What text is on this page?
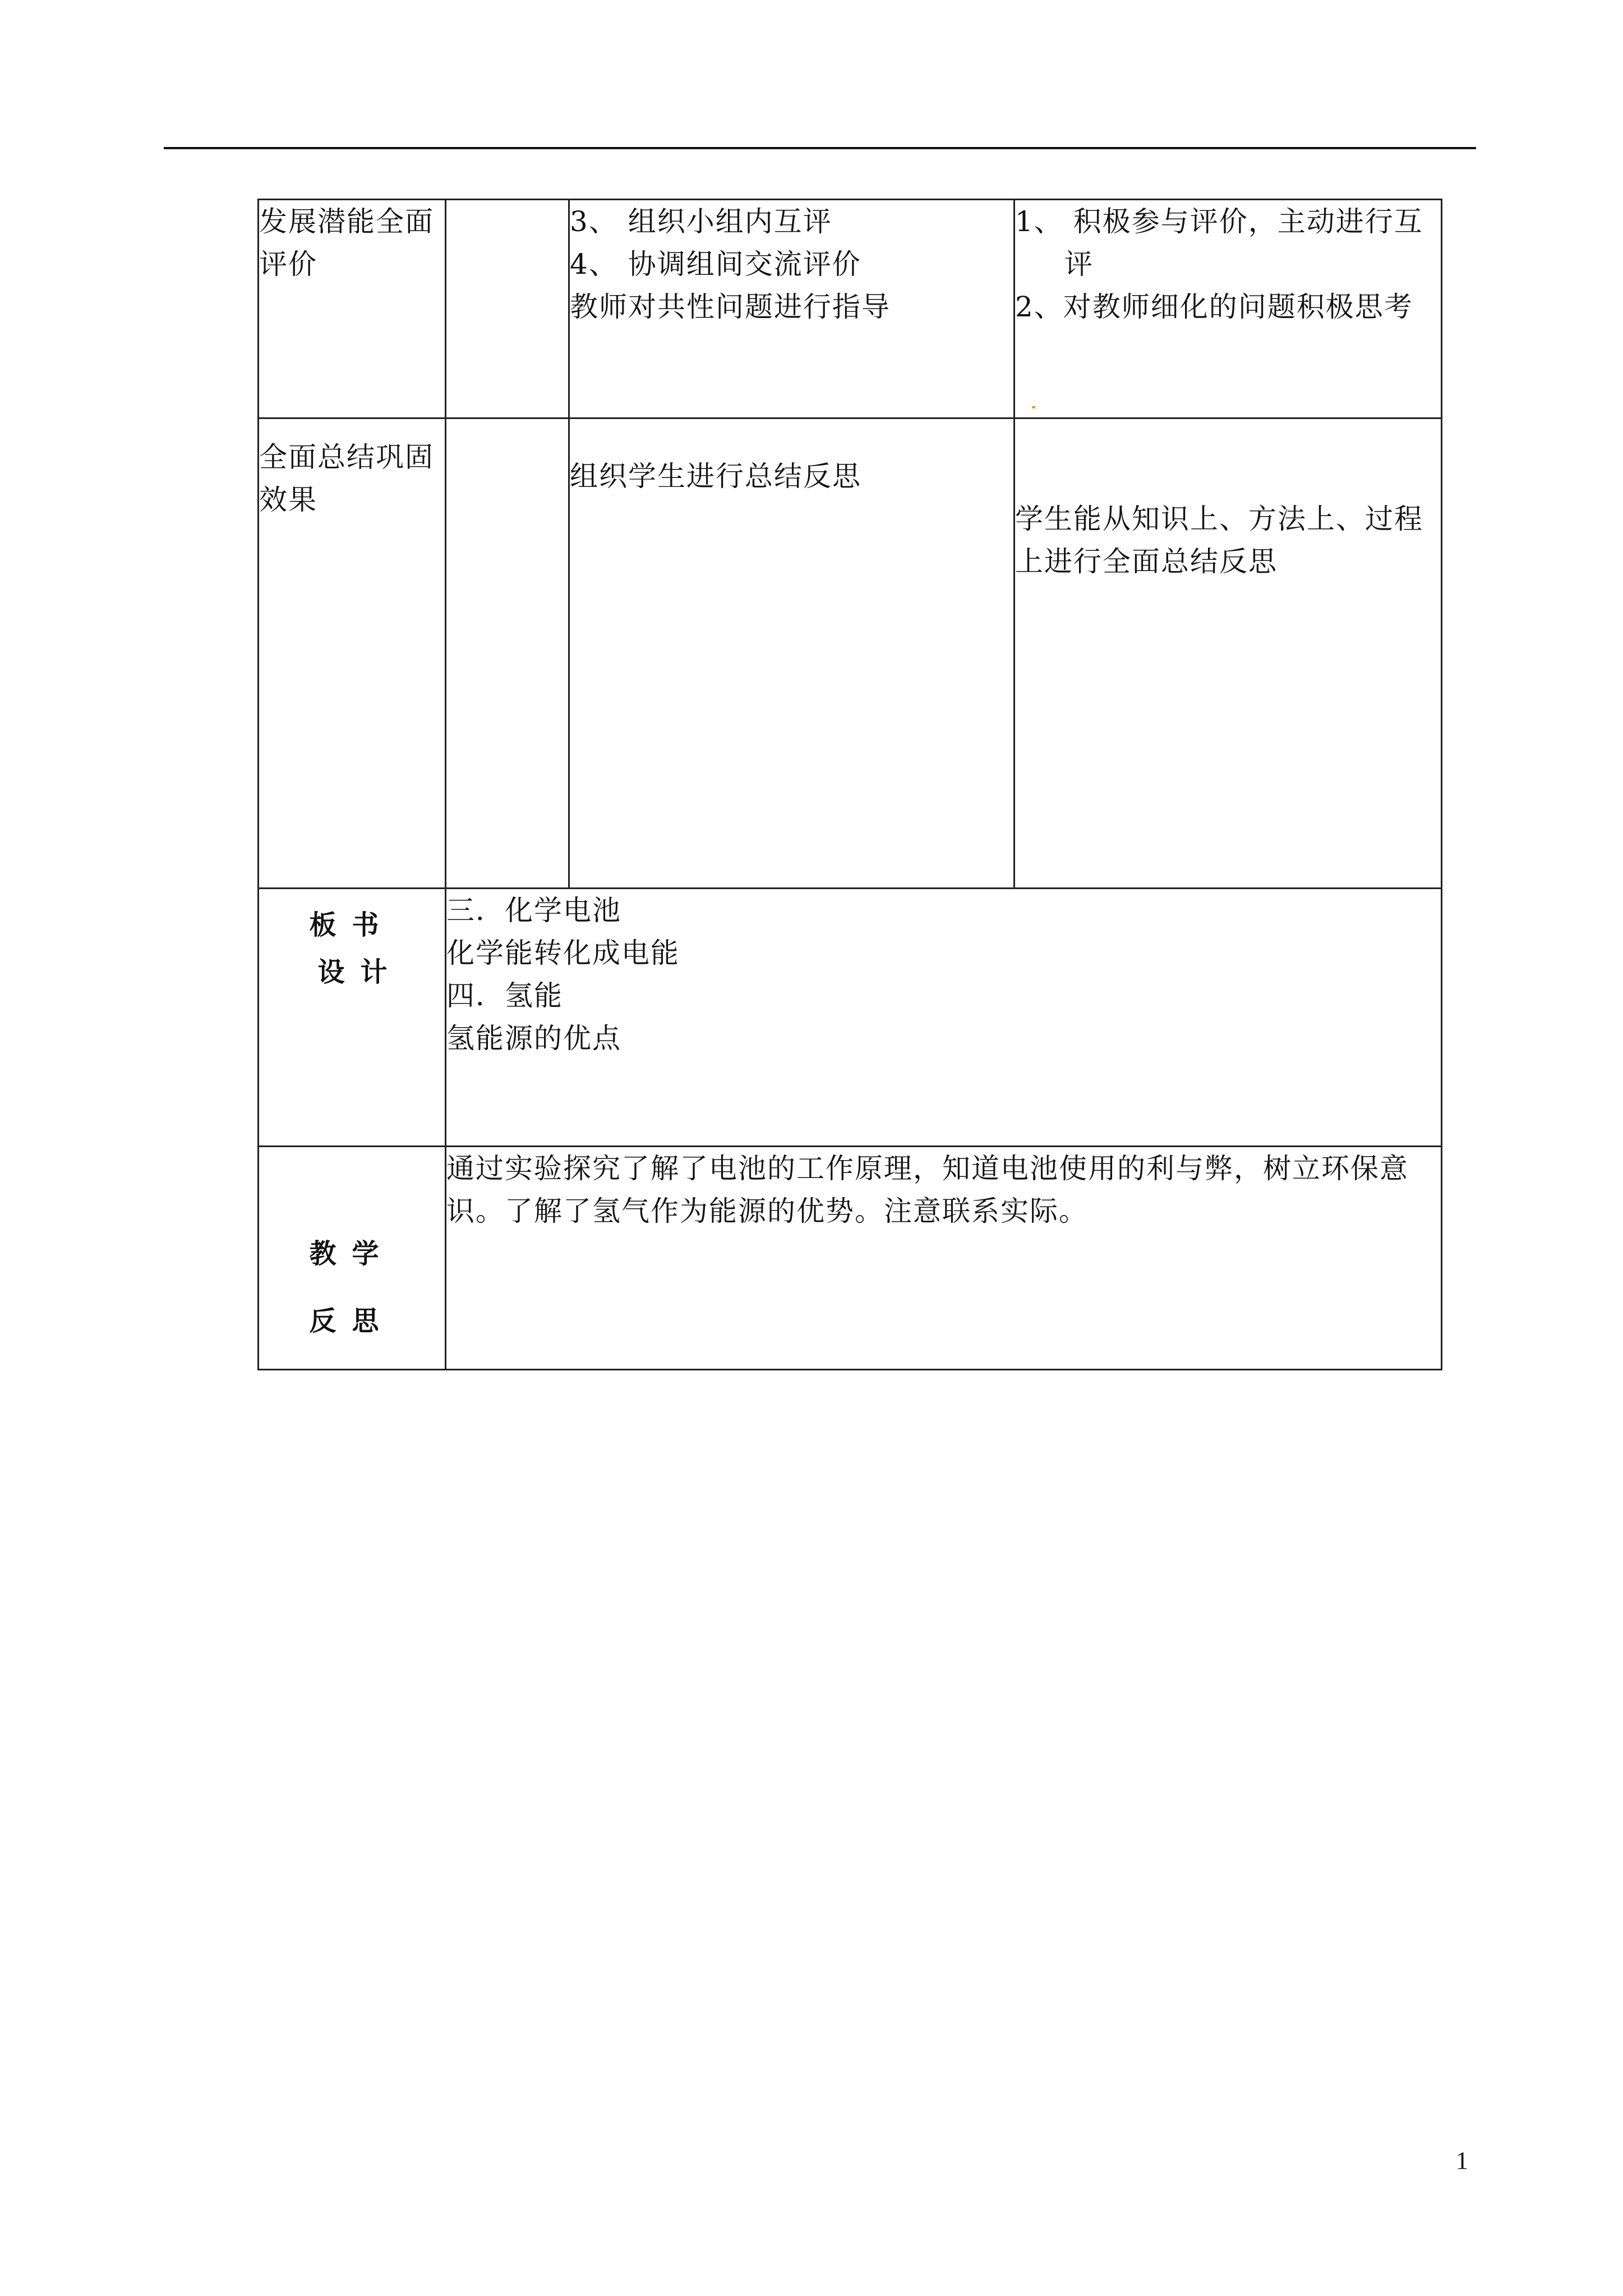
发展潜能全面评价		3、 组织小组内互评
4、 协调组间交流评价
教师对共性问题进行指导	1、 积极参与评价，主动进行互
评
2、对教师细化的问题积极思考

全面总结巩固效果		组织学生进行总结反思	学生能从知识上、方法上、过程
上进行全面总结反思

板书
设计	三．化学电池
化学能转化成电能
四．氢能
氢能源的优点		

教学
反思	通过实验探究了解了电池的工作原理，知道电池使用的利与弊，树立环保意识。了解了氢气作为能源的优势。注意联系实际。		
1
